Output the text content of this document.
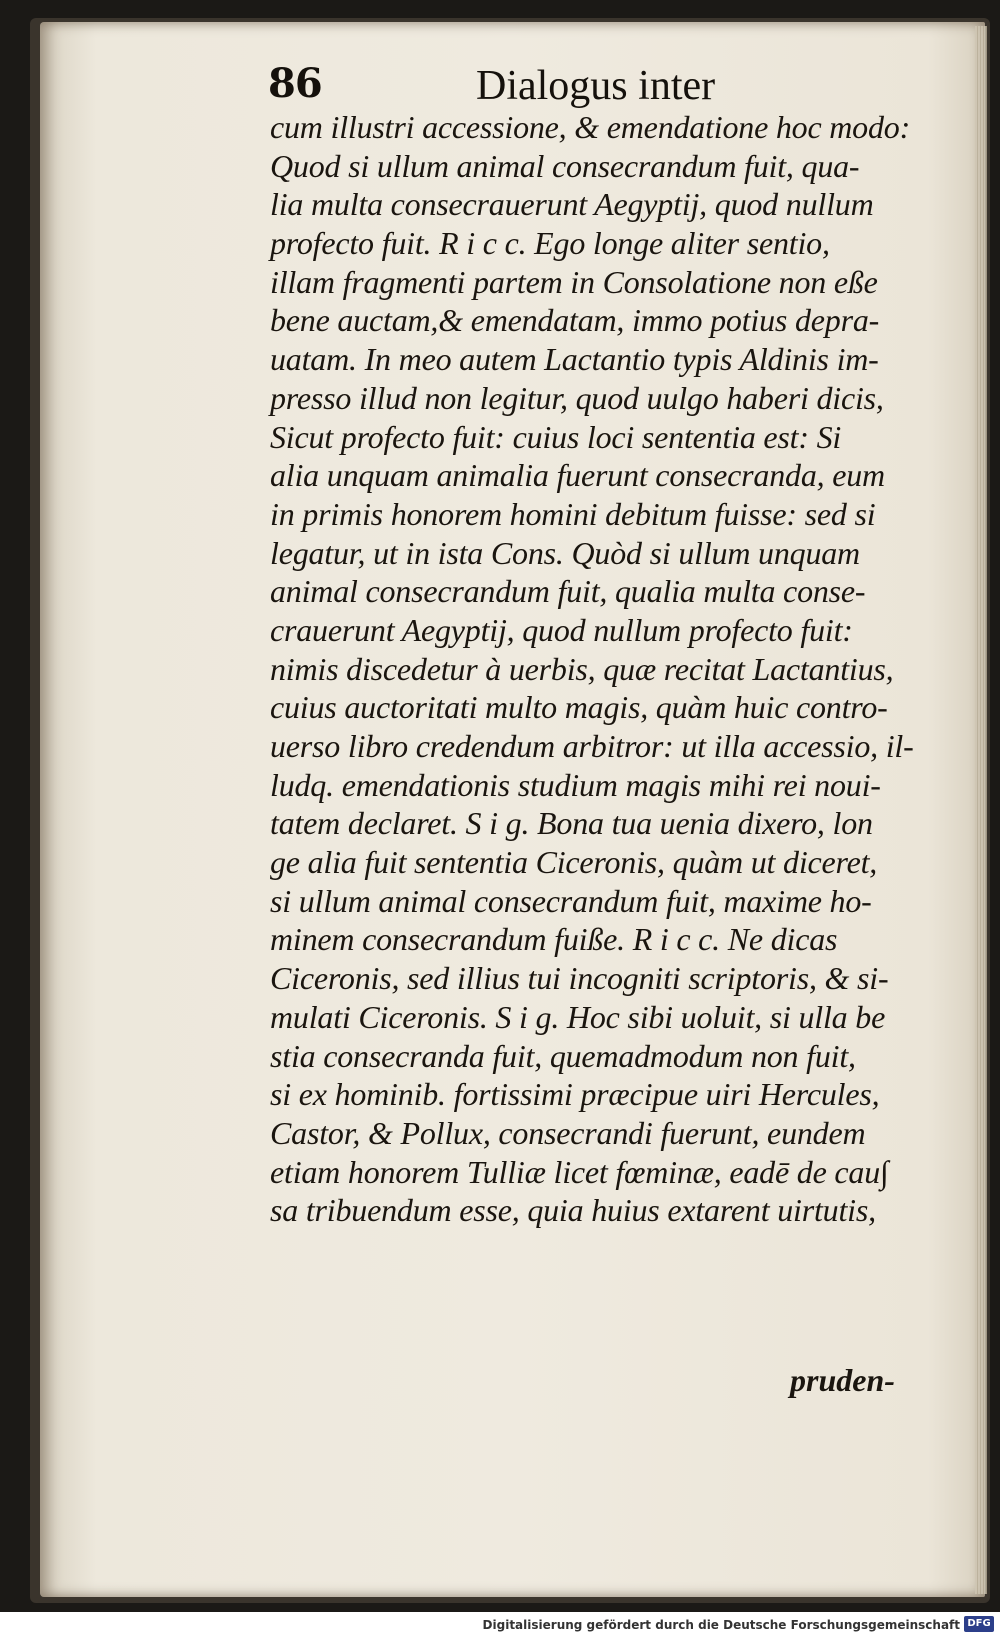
86	Dialogus inter
cum illustri accessione, & emendatione hoc modo:
Quod si ullum animal consecrandum fuit, qua-
lia multa consecrauerunt Aegyptij, quod nullum
profecto fuit. R i c c. Ego longe aliter sentio,
illam fragmenti partem in Consolatione non eße
bene auctam,& emendatam, immo potius depra-
uatam. In meo autem Lactantio typis Aldinis im-
presso illud non legitur, quod uulgo haberi dicis,
Sicut profecto fuit: cuius loci sententia est: Si
alia unquam animalia fuerunt consecranda, eum
in primis honorem homini debitum fuisse: sed si
legatur, ut in ista Cons. Quòd si ullum unquam
animal consecrandum fuit, qualia multa conse-
crauerunt Aegyptij, quod nullum profecto fuit:
nimis discedetur à uerbis, quæ recitat Lactantius,
cuius auctoritati multo magis, quàm huic contro-
uerso libro credendum arbitror: ut illa accessio, il-
ludq. emendationis studium magis mihi rei noui-
tatem declaret. S i g. Bona tua uenia dixero, lon
ge alia fuit sententia Ciceronis, quàm ut diceret,
si ullum animal consecrandum fuit, maxime ho-
minem consecrandum fuiße. R i c c. Ne dicas
Ciceronis, sed illius tui incogniti scriptoris, & si-
mulati Ciceronis. S i g. Hoc sibi uoluit, si ulla be
stia consecranda fuit, quemadmodum non fuit,
si ex hominib. fortissimi præcipue uiri Hercules,
Castor, & Pollux, consecrandi fuerunt, eundem
etiam honorem Tulliæ licet fœminæ, eadē de cau∫
sa tribuendum esse, quia huius extarent uirtutis,
pruden-
Digitalisierung gefördert durch die Deutsche Forschungsgemeinschaft DFG
